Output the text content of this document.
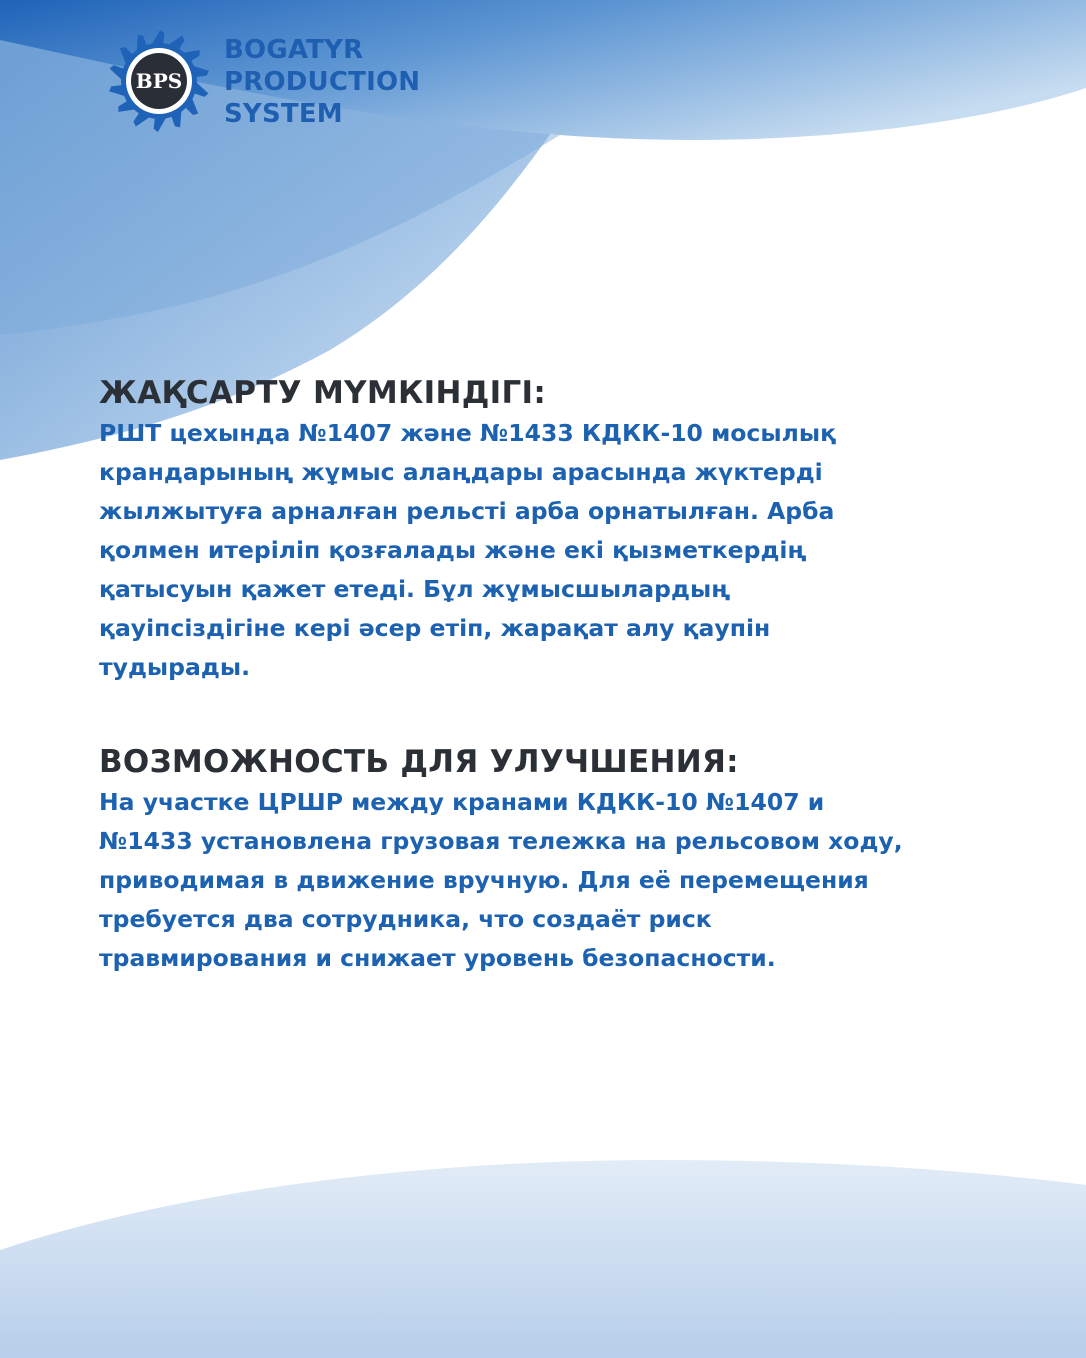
BPS
BOGATYR
PRODUCTION
SYSTEM
ЖАҚСАРТУ МҮМКІНДІГІ:

РШТ цехында №1407 және №1433 КДКК-10 мосылық

крандарының жұмыс алаңдары арасында жүктерді

жылжытуға арналған рельсті арба орнатылған. Арба

қолмен итеріліп қозғалады және екі қызметкердің

қатысуын қажет етеді. Бұл жұмысшылардың

қауіпсіздігіне кері әсер етіп, жарақат алу қаупін

тудырады.

ВОЗМОЖНОСТЬ ДЛЯ УЛУЧШЕНИЯ:

На участке ЦРШР между кранами КДКК-10 №1407 и

№1433 установлена грузовая тележка на рельсовом ходу,

приводимая в движение вручную. Для её перемещения

требуется два сотрудника, что создаёт риск

травмирования и снижает уровень безопасности.
